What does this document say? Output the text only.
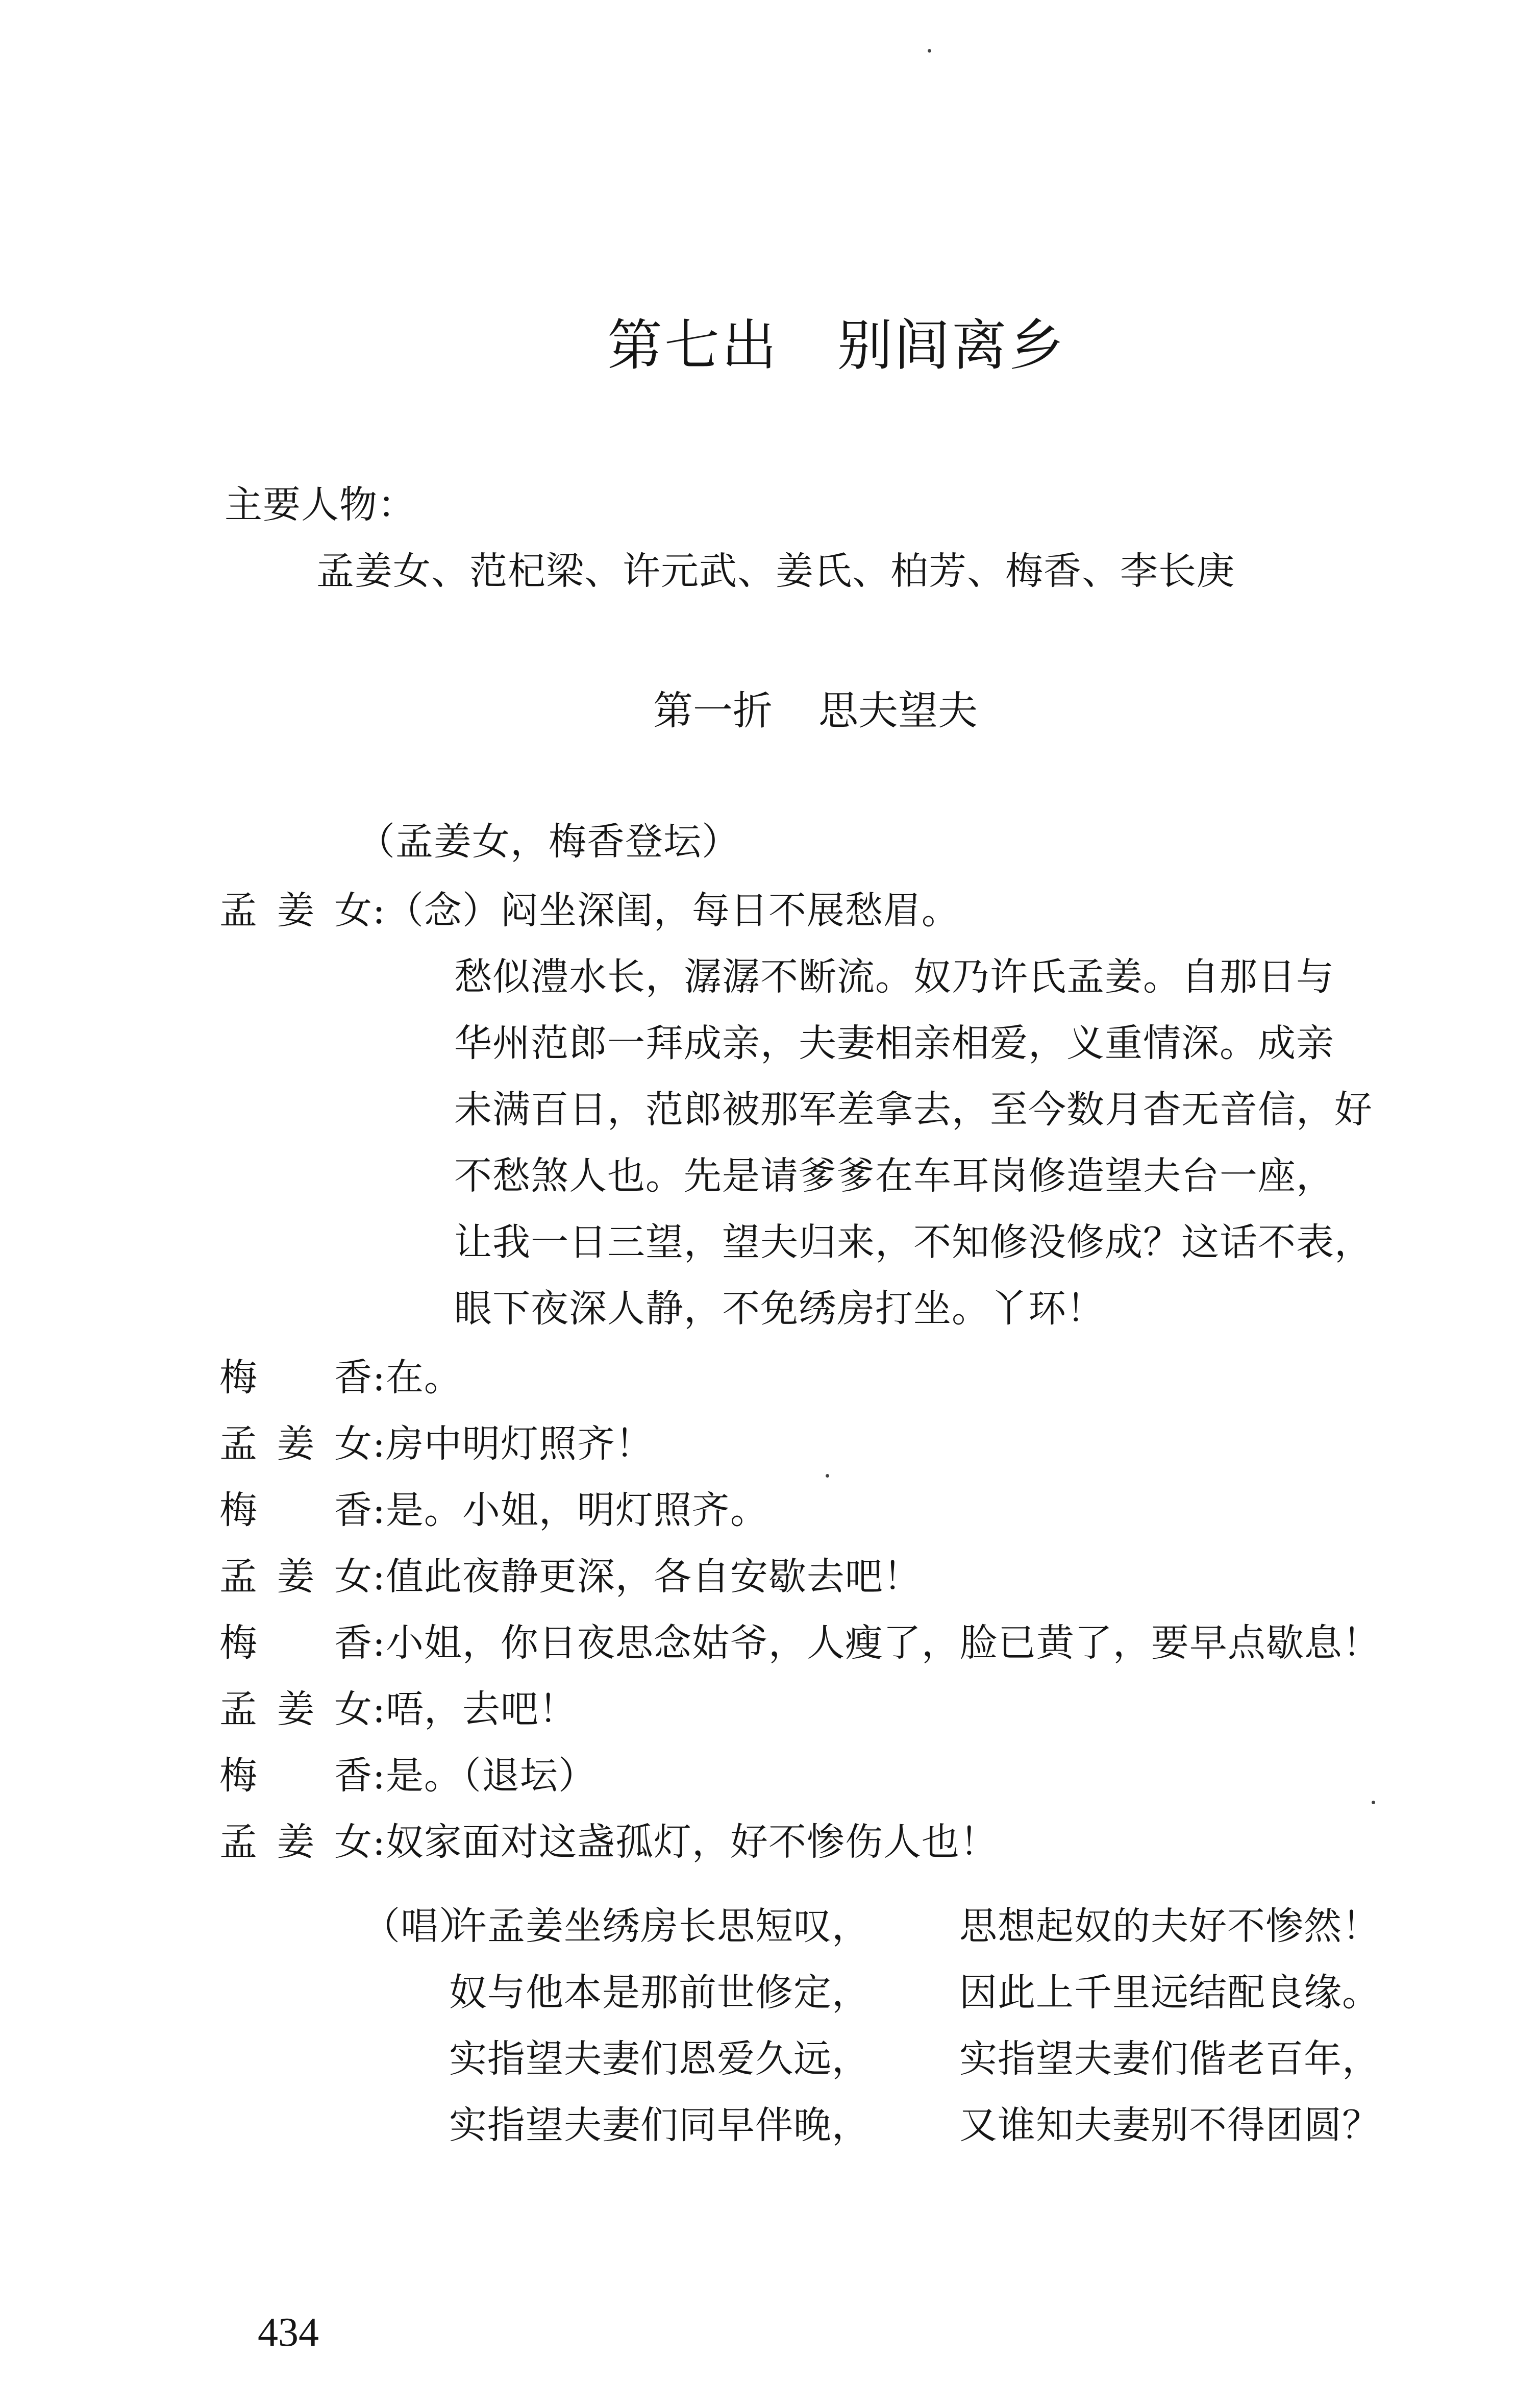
第七出 别闾离乡
主要人物：
孟姜女、范杞梁、许元武、姜氏、柏芳、梅香、李长庚
第一折 思夫望夫
（孟姜女，梅香登坛）
孟姜女:（念）闷坐深闺，每日不展愁眉。
愁似澧水长，潺潺不断流。奴乃许氏孟姜。自那日与
华州范郎一拜成亲，夫妻相亲相爱，义重情深。成亲
未满百日，范郎被那军差拿去，至今数月杳无音信，好
不愁煞人也。先是请爹爹在车耳岗修造望夫台一座，
让我一日三望，望夫归来，不知修没修成？这话不表，
眼下夜深人静，不免绣房打坐。丫环！
梅香:在。
孟姜女:房中明灯照齐！
梅香:是。小姐，明灯照齐。
孟姜女:值此夜静更深，各自安歇去吧！
梅香:小姐，你日夜思念姑爷，人瘦了，脸已黄了，要早点歇息！
孟姜女:唔，去吧！
梅香:是。（退坛）
孟姜女:奴家面对这盏孤灯，好不惨伤人也！
（唱）
许孟姜坐绣房长思短叹， 思想起奴的夫好不惨然！
奴与他本是那前世修定， 因此上千里远结配良缘。
实指望夫妻们恩爱久远， 实指望夫妻们偕老百年，
实指望夫妻们同早伴晚， 又谁知夫妻别不得团圆？
434
